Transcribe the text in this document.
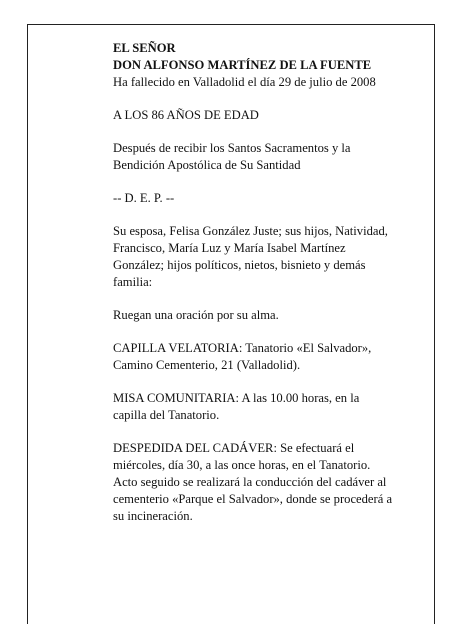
EL SEÑOR
DON ALFONSO MARTÍNEZ DE LA FUENTE
Ha fallecido en Valladolid el día 29 de julio de 2008

A LOS 86 AÑOS DE EDAD

Después de recibir los Santos Sacramentos y la
Bendición Apostólica de Su Santidad

-- D. E. P. --

Su esposa, Felisa González Juste; sus hijos, Natividad,
Francisco, María Luz y María Isabel Martínez
González; hijos políticos, nietos, bisnieto y demás
familia:

Ruegan una oración por su alma.

CAPILLA VELATORIA: Tanatorio «El Salvador»,
Camino Cementerio, 21 (Valladolid).

MISA COMUNITARIA: A las 10.00 horas, en la
capilla del Tanatorio.

DESPEDIDA DEL CADÁVER: Se efectuará el
miércoles, día 30, a las once horas, en el Tanatorio.
Acto seguido se realizará la conducción del cadáver al
cementerio «Parque el Salvador», donde se procederá a
su incineración.
